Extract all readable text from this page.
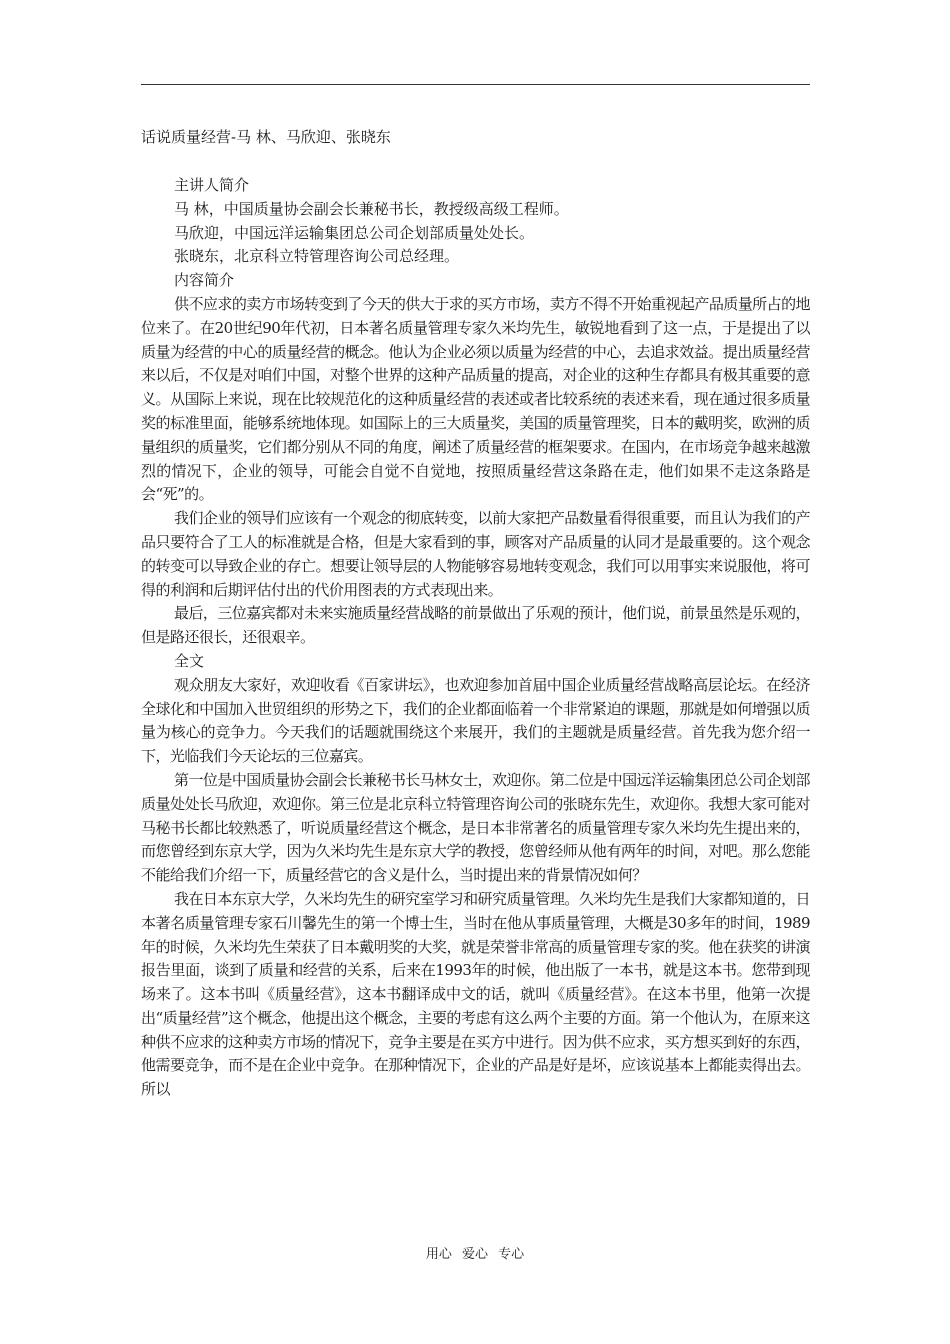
话说质量经营-马 林、马欣迎、张晓东

主讲人简介

马 林，中国质量协会副会长兼秘书长，教授级高级工程师。

马欣迎，中国远洋运输集团总公司企划部质量处处长。

张晓东，北京科立特管理咨询公司总经理。

内容简介

供不应求的卖方市场转变到了今天的供大于求的买方市场，卖方不得不开始重视起产品质量所占的地位来了。在20世纪90年代初，日本著名质量管理专家久米均先生，敏锐地看到了这一点，于是提出了以质量为经营的中心的质量经营的概念。他认为企业必须以质量为经营的中心，去追求效益。提出质量经营来以后，不仅是对咱们中国，对整个世界的这种产品质量的提高，对企业的这种生存都具有极其重要的意义。从国际上来说，现在比较规范化的这种质量经营的表述或者比较系统的表述来看，现在通过很多质量奖的标准里面，能够系统地体现。如国际上的三大质量奖，美国的质量管理奖，日本的戴明奖，欧洲的质量组织的质量奖，它们都分别从不同的角度，阐述了质量经营的框架要求。在国内，在市场竞争越来越激烈的情况下，企业的领导，可能会自觉不自觉地，按照质量经营这条路在走，他们如果不走这条路是会“死”的。

我们企业的领导们应该有一个观念的彻底转变，以前大家把产品数量看得很重要，而且认为我们的产品只要符合了工人的标准就是合格，但是大家看到的事，顾客对产品质量的认同才是最重要的。这个观念的转变可以导致企业的存亡。想要让领导层的人物能够容易地转变观念，我们可以用事实来说服他，将可得的利润和后期评估付出的代价用图表的方式表现出来。

最后，三位嘉宾都对未来实施质量经营战略的前景做出了乐观的预计，他们说，前景虽然是乐观的，但是路还很长，还很艰辛。

全文

观众朋友大家好，欢迎收看《百家讲坛》，也欢迎参加首届中国企业质量经营战略高层论坛。在经济全球化和中国加入世贸组织的形势之下，我们的企业都面临着一个非常紧迫的课题，那就是如何增强以质量为核心的竞争力。今天我们的话题就围绕这个来展开，我们的主题就是质量经营。首先我为您介绍一下，光临我们今天论坛的三位嘉宾。

第一位是中国质量协会副会长兼秘书长马林女士，欢迎你。第二位是中国远洋运输集团总公司企划部质量处处长马欣迎，欢迎你。第三位是北京科立特管理咨询公司的张晓东先生，欢迎你。我想大家可能对马秘书长都比较熟悉了，听说质量经营这个概念，是日本非常著名的质量管理专家久米均先生提出来的，而您曾经到东京大学，因为久米均先生是东京大学的教授，您曾经师从他有两年的时间，对吧。那么您能不能给我们介绍一下，质量经营它的含义是什么，当时提出来的背景情况如何？

我在日本东京大学，久米均先生的研究室学习和研究质量管理。久米均先生是我们大家都知道的，日本著名质量管理专家石川馨先生的第一个博士生，当时在他从事质量管理，大概是30多年的时间，1989年的时候，久米均先生荣获了日本戴明奖的大奖，就是荣誉非常高的质量管理专家的奖。他在获奖的讲演报告里面，谈到了质量和经营的关系，后来在1993年的时候，他出版了一本书，就是这本书。您带到现场来了。这本书叫《质量经营》，这本书翻译成中文的话，就叫《质量经营》。在这本书里，他第一次提出“质量经营”这个概念，他提出这个概念，主要的考虑有这么两个主要的方面。第一个他认为，在原来这种供不应求的这种卖方市场的情况下，竞争主要是在买方中进行。因为供不应求，买方想买到好的东西，他需要竞争，而不是在企业中竞争。在那种情况下，企业的产品是好是坏，应该说基本上都能卖得出去。所以

用心 爱心 专心
